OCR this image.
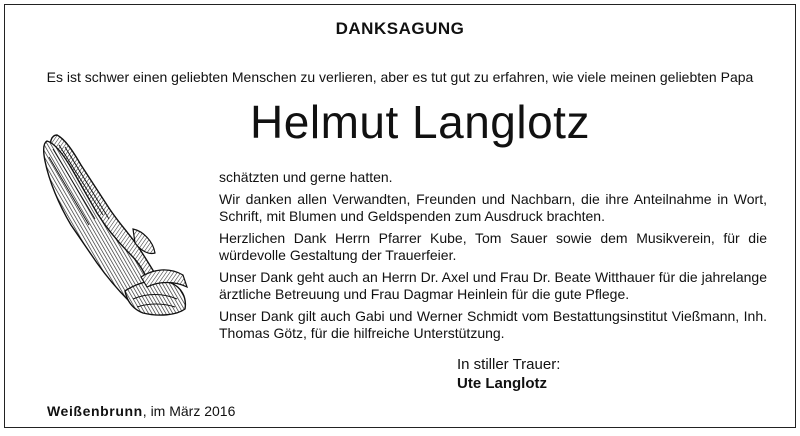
DANKSAGUNG
Es ist schwer einen geliebten Menschen zu verlieren, aber es tut gut zu erfahren, wie viele meinen geliebten Papa
Helmut Langlotz

schätzten und gerne hatten.

Wir danken allen Verwandten, Freunden und Nachbarn, die ihre Anteilnahme in Wort, Schrift, mit Blumen und Geldspenden zum Ausdruck brachten.

Herzlichen Dank Herrn Pfarrer Kube, Tom Sauer sowie dem Musikverein, für die würdevolle Gestaltung der Trauerfeier.

Unser Dank geht auch an Herrn Dr. Axel und Frau Dr. Beate Witthauer für die jahrelange ärztliche Betreuung und Frau Dagmar Heinlein für die gute Pflege.

Unser Dank gilt auch Gabi und Werner Schmidt vom Bestattungsinstitut Vießmann, Inh. Thomas Götz, für die hilfreiche Unterstützung.

In stiller Trauer:
Ute Langlotz
Weißenbrunn, im März 2016
